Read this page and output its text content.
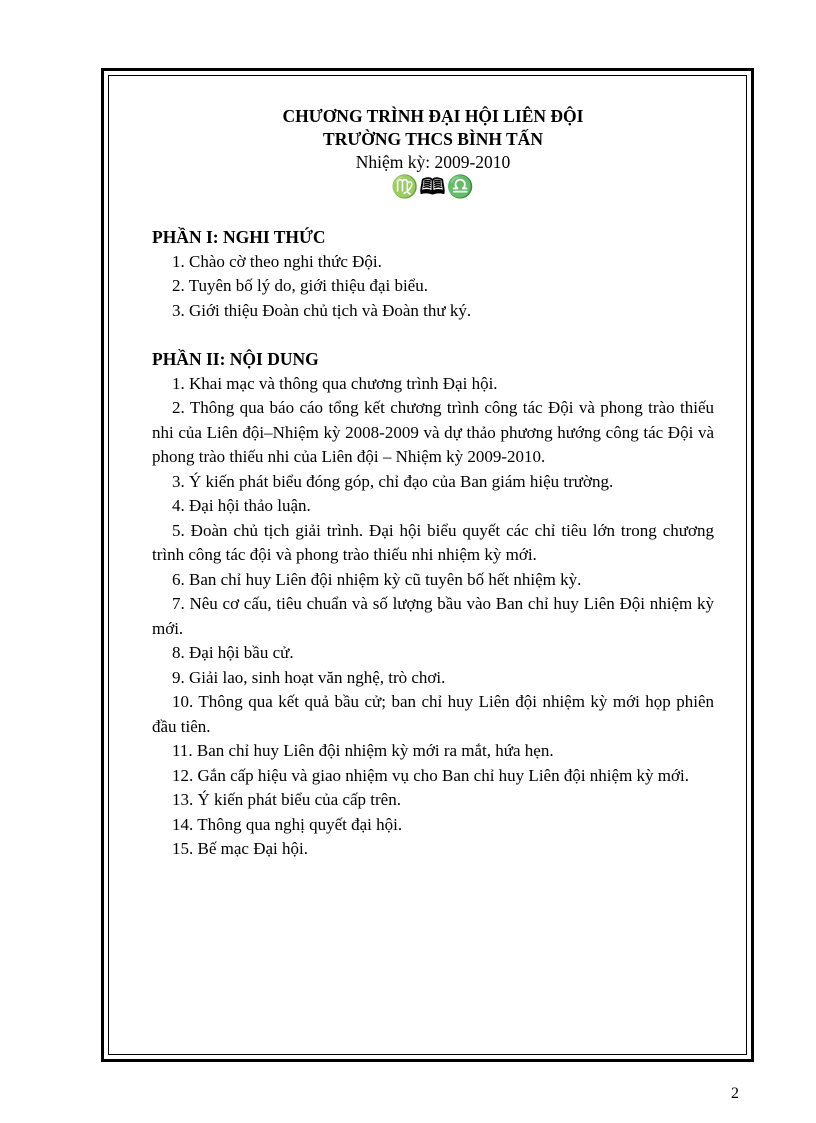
CHƯƠNG TRÌNH ĐẠI HỘI LIÊN ĐỘI
TRƯỜNG THCS BÌNH TẤN
Nhiệm kỳ: 2009-2010
♍🕮♎
PHẦN I: NGHI THỨC
1. Chào cờ theo nghi thức Đội.
2. Tuyên bố lý do, giới thiệu đại biểu.
3. Giới thiệu Đoàn chủ tịch và Đoàn thư ký.
PHẦN II: NỘI DUNG
1. Khai mạc và thông qua chương trình Đại hội.
2. Thông qua báo cáo tổng kết chương trình công tác Đội và phong trào thiếu nhi của Liên đội–Nhiệm kỳ 2008-2009 và dự thảo phương hướng công tác Đội và phong trào thiếu nhi của Liên đội – Nhiệm kỳ 2009-2010.
3. Ý kiến phát biểu đóng góp, chỉ đạo của Ban giám hiệu trường.
4. Đại hội thảo luận.
5. Đoàn chủ tịch giải trình. Đại hội biểu quyết các chỉ tiêu lớn trong chương trình công tác đội và phong trào thiếu nhi nhiệm kỳ mới.
6. Ban chỉ huy Liên đội nhiệm kỳ cũ tuyên bố hết nhiệm kỳ.
7. Nêu cơ cấu, tiêu chuẩn và số lượng bầu vào Ban chỉ huy Liên Đội nhiệm kỳ mới.
8. Đại hội bầu cử.
9. Giải lao, sinh hoạt văn nghệ, trò chơi.
10. Thông qua kết quả bầu cử; ban chỉ huy Liên đội nhiệm kỳ mới họp phiên đầu tiên.
11. Ban chỉ huy Liên đội nhiệm kỳ mới ra mắt, hứa hẹn.
12. Gắn cấp hiệu và giao nhiệm vụ cho Ban chỉ huy Liên đội nhiệm kỳ mới.
13. Ý kiến phát biểu của cấp trên.
14. Thông qua nghị quyết đại hội.
15. Bế mạc Đại hội.
2
